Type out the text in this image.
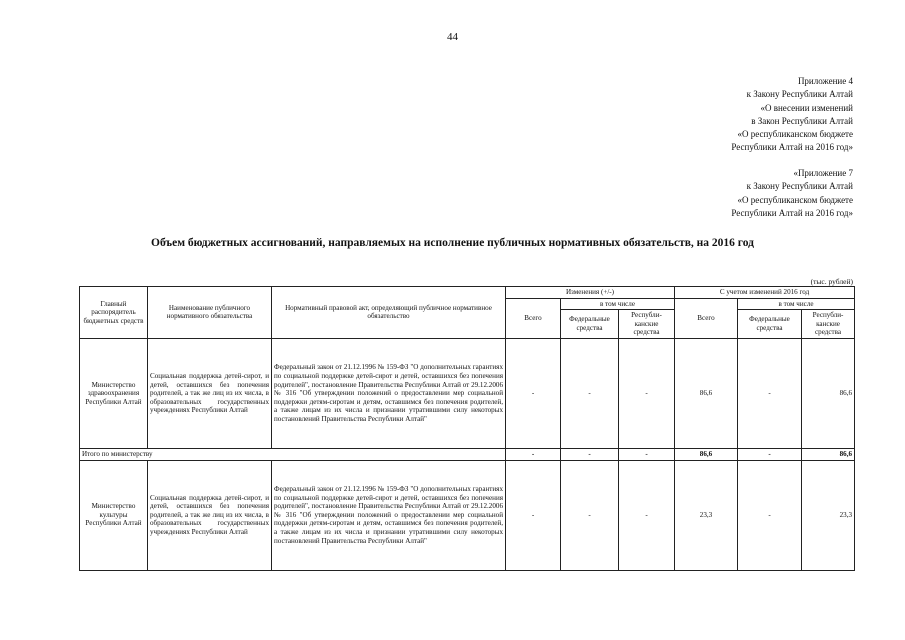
44
Приложение 4
к Закону Республики Алтай
«О внесении изменений
в Закон Республики Алтай
«О республиканском бюджете
Республики Алтай на 2016 год»
«Приложение 7
к Закону Республики Алтай
«О республиканском бюджете
Республики Алтай на 2016 год»
Объем бюджетных ассигнований, направляемых на исполнение публичных нормативных обязательств, на 2016 год
(тыс. рублей)
Главный распорядитель бюджетных средств	Наименование публичного нормативного обязательства	Нормативный правовой акт, определяющий публичное нормативное обязательство	Изменения (+/-)			С учетом изменений 2016 год		
			Всего	в том числе		Всего	в том числе	
				Федеральные средства	Республи-канские средства		Федеральные средства	Республи-канские средства
Министерство здравоохранения Республики Алтай	Социальная поддержка детей-сирот, и детей, оставшихся без попечения родителей, а так же лиц из их числа, в образовательных государственных учреждениях Республики Алтай	Федеральный закон от 21.12.1996 № 159-ФЗ "О дополнительных гарантиях по социальной поддержке детей-сирот и детей, оставшихся без попечения родителей", постановление Правительства Республики Алтай от 29.12.2006 № 316 "Об утверждении положений о предоставлении мер социальной поддержки детям-сиротам и детям, оставшимся без попечения родителей, а также лицам из их числа и признании утратившими силу некоторых постановлений Правительства Республики Алтай"	-	-	-	86,6	-	86,6
Итого по министерству			-	-	-	86,6	-	86,6
Министерство культуры Республики Алтай	Социальная поддержка детей-сирот, и детей, оставшихся без попечения родителей, а так же лиц из их числа, в образовательных государственных учреждениях Республики Алтай	Федеральный закон от 21.12.1996 № 159-ФЗ "О дополнительных гарантиях по социальной поддержке детей-сирот и детей, оставшихся без попечения родителей", постановление Правительства Республики Алтай от 29.12.2006 № 316 "Об утверждении положений о предоставлении мер социальной поддержки детям-сиротам и детям, оставшимся без попечения родителей, а также лицам из их числа и признании утратившими силу некоторых постановлений Правительства Республики Алтай"	-	-	-	23,3	-	23,3
